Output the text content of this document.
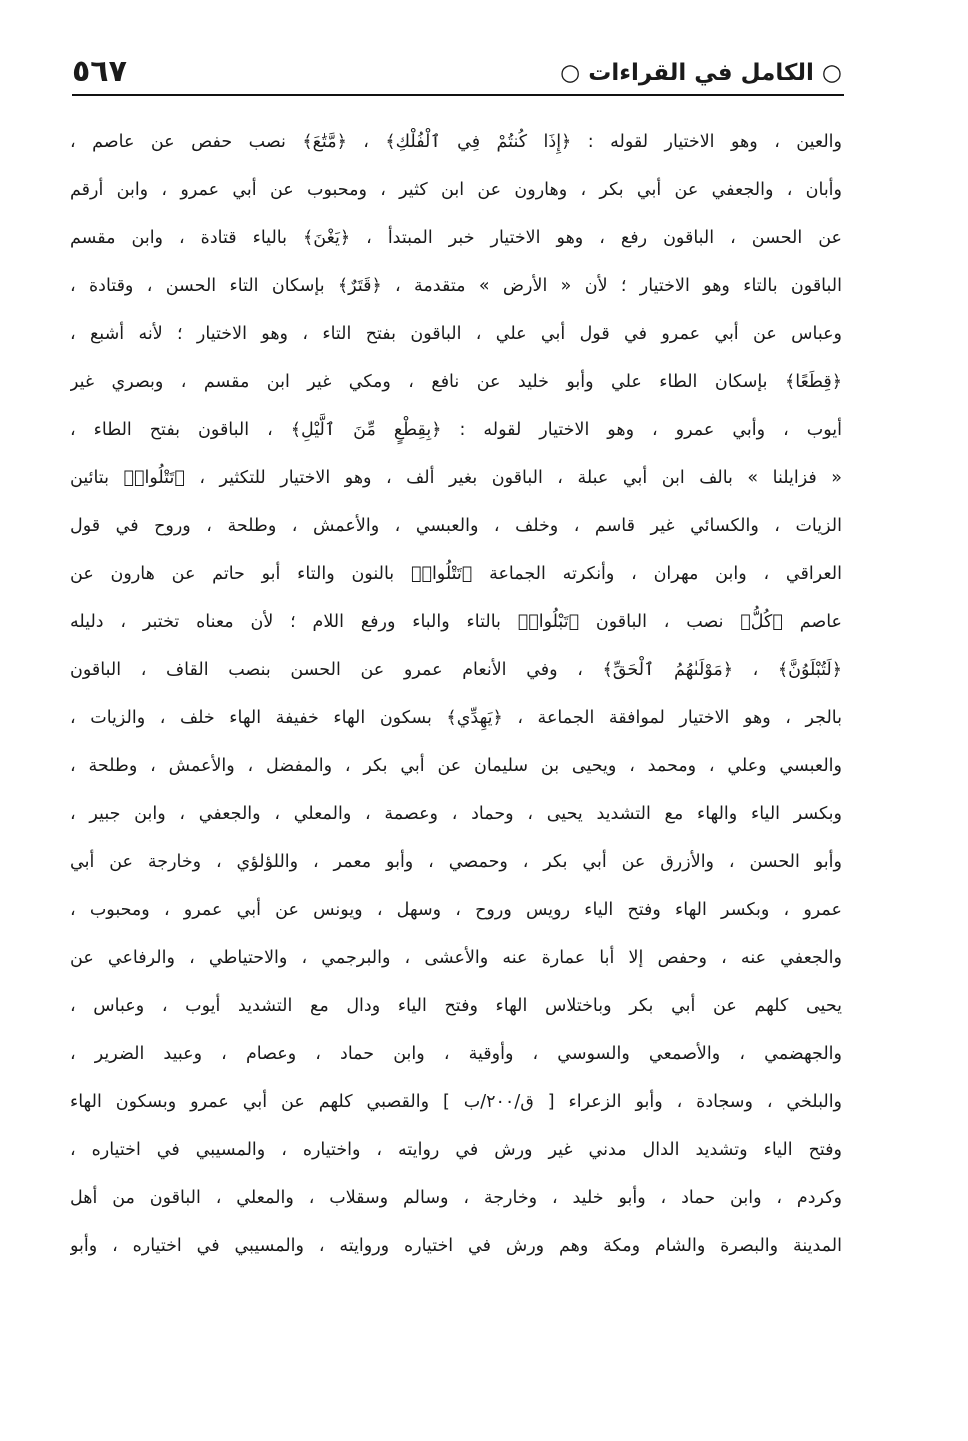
٥٦٧	○ الكامل في القراءات ○
والعين ، وهو الاختيار لقوله : ﴿إِذَا كُنتُمْ فِي ٱلْفُلْكِ﴾ ، ﴿مَّتَٰعَ﴾ نصب حفص عن عاصم ،
وأبان ، والجعفي عن أبي بكر ، وهارون عن ابن كثير ، ومحبوب عن أبي عمرو ، وابن أرقم
عن الحسن ، الباقون رفع ، وهو الاختيار خبر المبتدأ ، ﴿يَغْنَ﴾ بالياء قتادة ، وابن مقسم
الباقون بالتاء وهو الاختيار ؛ لأن « الأرض » متقدمة ، ﴿قَتَرٌ﴾ بإسكان التاء الحسن ، وقتادة ،
وعباس عن أبي عمرو في قول أبي علي ، الباقون بفتح التاء ، وهو الاختيار ؛ لأنه أشبع ،
﴿قِطَعًا﴾ بإسكان الطاء علي وأبو خليد عن نافع ، ومكي غير ابن مقسم ، وبصري غير
أيوب ، وأبي عمرو ، وهو الاختيار لقوله : ﴿بِقِطْعٍ مِّنَ ٱلَّيْلِ﴾ ، الباقون بفتح الطاء ،
« فزايلنا » بالف ابن أبي عبلة ، الباقون بغير ألف ، وهو الاختيار للتكثير ، ﴿تَتْلُوا۟﴾ بتائين
الزيات ، والكسائي غير قاسم ، وخلف ، والعبسي ، والأعمش ، وطلحة ، وروح في قول
العراقي ، وابن مهران ، وأنكرته الجماعة ﴿تَتْلُوا۟﴾ بالنون والتاء أبو حاتم عن هارون عن
عاصم ﴿كُلُّ﴾ نصب ، الباقون ﴿تَبْلُوا۟﴾ بالتاء والباء ورفع اللام ؛ لأن معناه تختبر ، دليله
﴿لَتُبْلَوُنَّ﴾ ، ﴿مَوْلَىٰهُمُ ٱلْحَقِّ﴾ ، وفي الأنعام عمرو عن الحسن بنصب القاف ، الباقون
بالجر ، وهو الاختيار لموافقة الجماعة ، ﴿يَهِدِّي﴾ بسكون الهاء خفيفة الهاء خلف ، والزيات ،
والعبسي وعلي ، ومحمد ، ويحيى بن سليمان عن أبي بكر ، والمفضل ، والأعمش ، وطلحة ،
وبكسر الياء والهاء مع التشديد يحيى ، وحماد ، وعصمة ، والمعلي ، والجعفي ، وابن جبير ،
وأبو الحسن ، والأزرق عن أبي بكر ، وحمصي ، وأبو معمر ، واللؤلؤي ، وخارجة عن أبي
عمرو ، وبكسر الهاء وفتح الياء رويس وروح ، وسهل ، ويونس عن أبي عمرو ، ومحبوب ،
والجعفي عنه ، وحفص إلا أبا عمارة عنه والأعشى ، والبرجمي ، والاحتياطي ، والرفاعي عن
يحيى كلهم عن أبي بكر وباختلاس الهاء وفتح الياء ودال مع التشديد أيوب ، وعباس ،
والجهضمي ، والأصمعي والسوسي ، وأوقية ، وابن حماد ، وعصام ، وعبيد الضرير ،
والبلخي ، وسجادة ، وأبو الزعراء [ ق/٢٠٠/ب ] والقصبي كلهم عن أبي عمرو وبسكون الهاء
وفتح الياء وتشديد الدال مدني غير ورش في روايته ، واختياره ، والمسيبي في اختياره ،
وكردم ، وابن حماد ، وأبو خليد ، وخارجة ، وسالم وسقلاب ، والمعلي ، الباقون من أهل
المدينة والبصرة والشام ومكة وهم ورش في اختياره وروايته ، والمسيبي في اختياره ، وأبو
